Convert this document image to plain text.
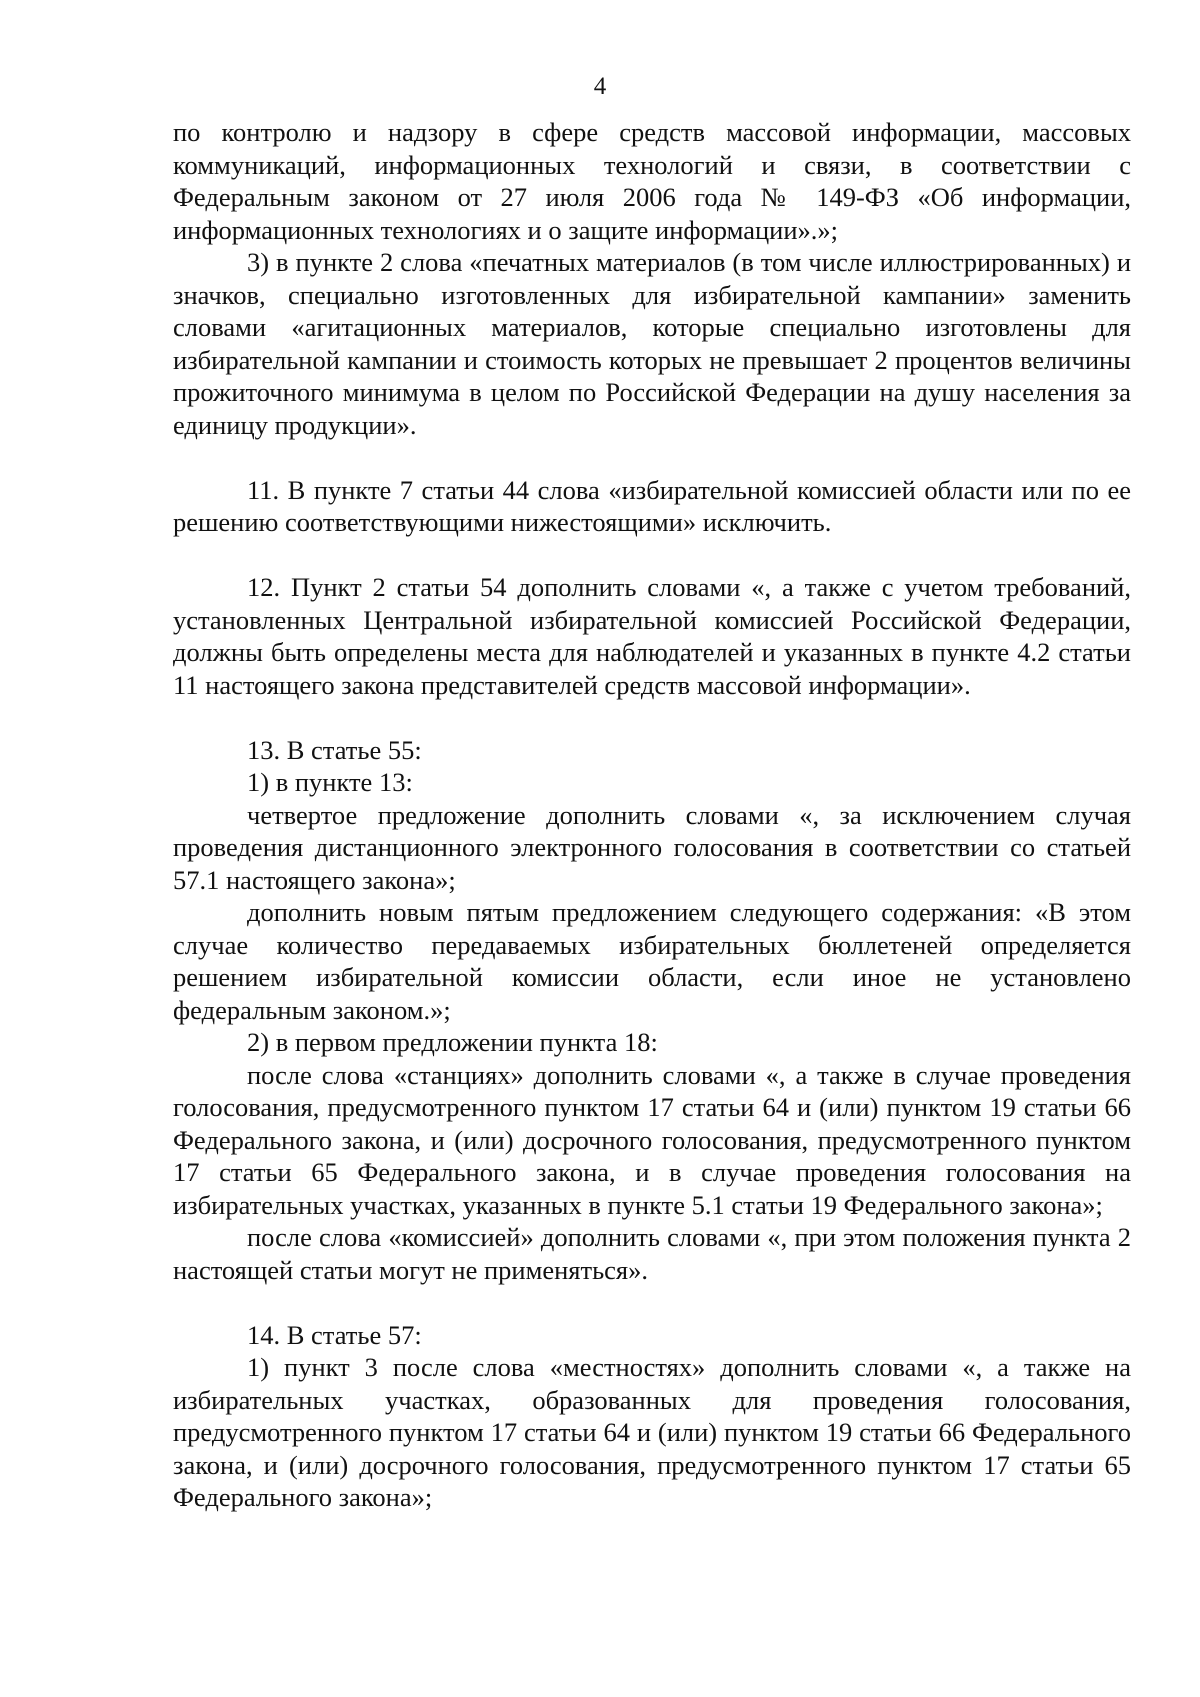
4

по контролю и надзору в сфере средств массовой информации, массовых коммуникаций, информационных технологий и связи, в соответствии с Федеральным законом от 27 июля 2006 года № 149-ФЗ «Об информации, информационных технологиях и о защите информации».»;

3) в пункте 2 слова «печатных материалов (в том числе иллюстрированных) и значков, специально изготовленных для избирательной кампании» заменить словами «агитационных материалов, которые специально изготовлены для избирательной кампании и стоимость которых не превышает 2 процентов величины прожиточного минимума в целом по Российской Федерации на душу населения за единицу продукции».

11. В пункте 7 статьи 44 слова «избирательной комиссией области или по ее решению соответствующими нижестоящими» исключить.

12. Пункт 2 статьи 54 дополнить словами «, а также с учетом требований, установленных Центральной избирательной комиссией Российской Федерации, должны быть определены места для наблюдателей и указанных в пункте 4.2 статьи 11 настоящего закона представителей средств массовой информации».

13. В статье 55:

1) в пункте 13:

четвертое предложение дополнить словами «, за исключением случая проведения дистанционного электронного голосования в соответствии со статьей 57.1 настоящего закона»;

дополнить новым пятым предложением следующего содержания: «В этом случае количество передаваемых избирательных бюллетеней определяется решением избирательной комиссии области, если иное не установлено федеральным законом.»;

2) в первом предложении пункта 18:

после слова «станциях» дополнить словами «, а также в случае проведения голосования, предусмотренного пунктом 17 статьи 64 и (или) пунктом 19 статьи 66 Федерального закона, и (или) досрочного голосования, предусмотренного пунктом 17 статьи 65 Федерального закона, и в случае проведения голосования на избирательных участках, указанных в пункте 5.1 статьи 19 Федерального закона»;

после слова «комиссией» дополнить словами «, при этом положения пункта 2 настоящей статьи могут не применяться».

14. В статье 57:

1) пункт 3 после слова «местностях» дополнить словами «, а также на избирательных участках, образованных для проведения голосования, предусмотренного пунктом 17 статьи 64 и (или) пунктом 19 статьи 66 Федерального закона, и (или) досрочного голосования, предусмотренного пунктом 17 статьи 65 Федерального закона»;
